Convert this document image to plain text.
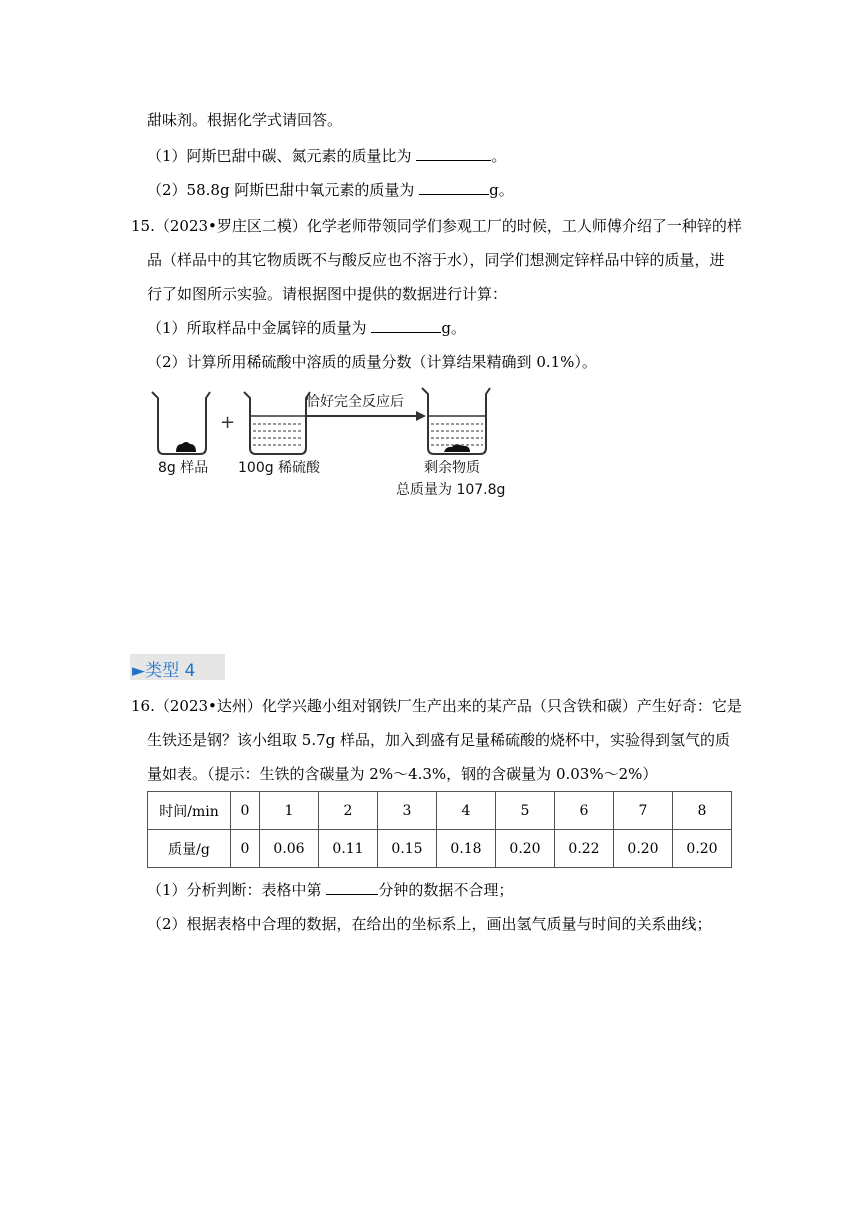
甜味剂。根据化学式请回答。
（1）阿斯巴甜中碳、氮元素的质量比为	。
（2）58.8g 阿斯巴甜中氧元素的质量为	g。
15.（2023•罗庄区二模）化学老师带领同学们参观工厂的时候，工人师傅介绍了一种锌的样
品（样品中的其它物质既不与酸反应也不溶于水），同学们想测定锌样品中锌的质量，进
行了如图所示实验。请根据图中提供的数据进行计算：
（1）所取样品中金属锌的质量为	g。
（2）计算所用稀硫酸中溶质的质量分数（计算结果精确到 0.1%）。
8g 样品
+
100g 稀硫酸
恰好完全反应后
剩余物质
总质量为 107.8g
►类型 4
16.（2023•达州）化学兴趣小组对钢铁厂生产出来的某产品（只含铁和碳）产生好奇：它是
生铁还是钢？该小组取 5.7g 样品，加入到盛有足量稀硫酸的烧杯中，实验得到氢气的质
量如表。（提示：生铁的含碳量为 2%～4.3%，钢的含碳量为 0.03%～2%）
时间/min	0	1	2	3	4	5	6	7	8
质量/g	0	0.06	0.11	0.15	0.18	0.20	0.22	0.20	0.20
（1）分析判断：表格中第	分钟的数据不合理；
（2）根据表格中合理的数据，在给出的坐标系上，画出氢气质量与时间的关系曲线；
